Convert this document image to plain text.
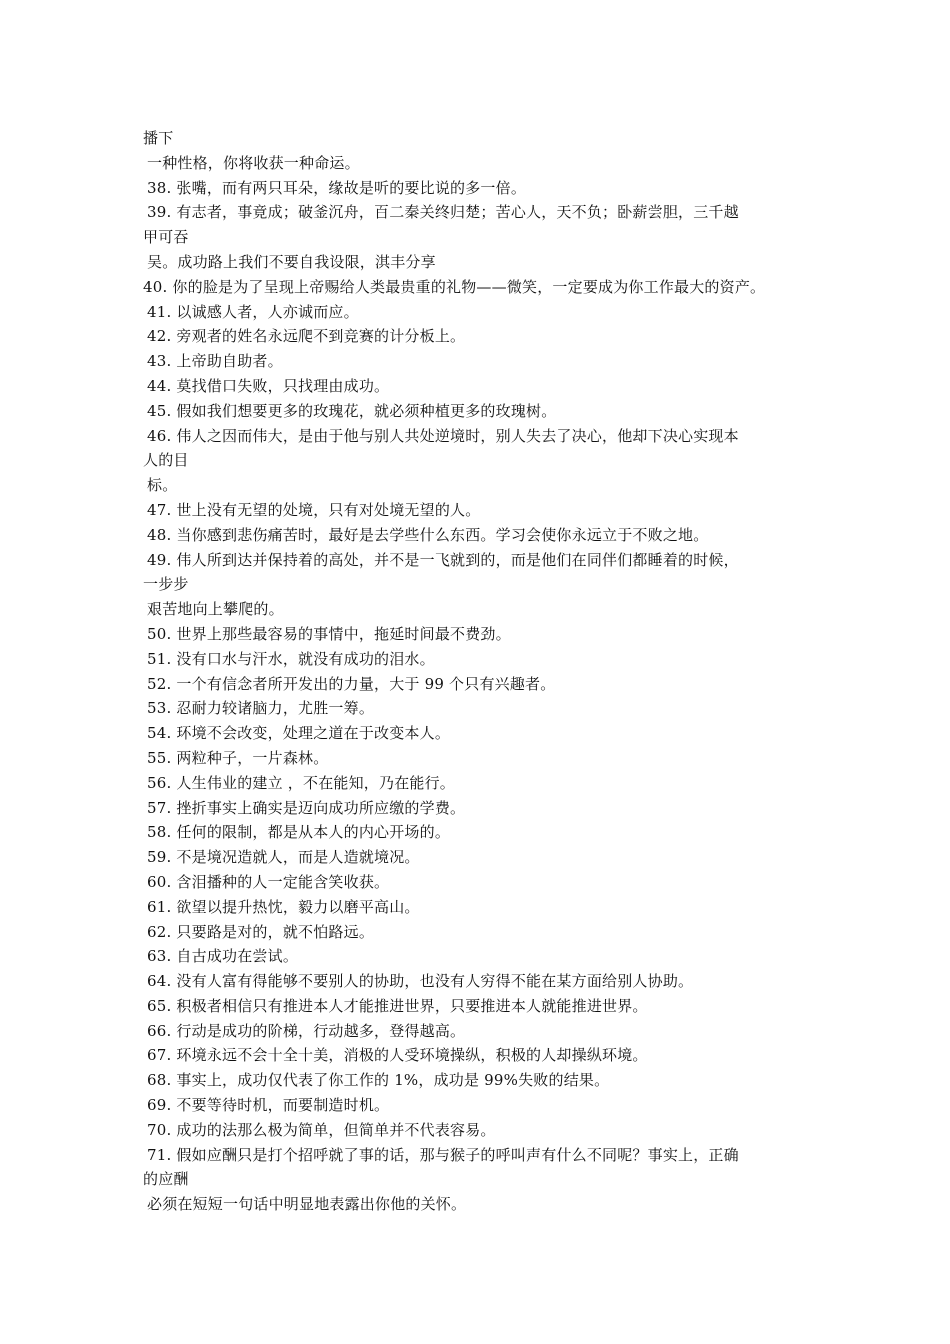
播下
一种性格，你将收获一种命运。
38. 张嘴，而有两只耳朵，缘故是听的要比说的多一倍。
39. 有志者，事竟成；破釜沉舟，百二秦关终归楚；苦心人，天不负；卧薪尝胆，三千越
甲可吞
吴。成功路上我们不要自我设限，淇丰分享
40. 你的脸是为了呈现上帝赐给人类最贵重的礼物——微笑，一定要成为你工作最大的资产。
41. 以诚感人者，人亦诚而应。
42. 旁观者的姓名永远爬不到竞赛的计分板上。
43. 上帝助自助者。
44. 莫找借口失败，只找理由成功。
45. 假如我们想要更多的玫瑰花，就必须种植更多的玫瑰树。
46. 伟人之因而伟大，是由于他与别人共处逆境时，别人失去了决心，他却下决心实现本
人的目
标。
47. 世上没有无望的处境，只有对处境无望的人。
48. 当你感到悲伤痛苦时，最好是去学些什么东西。学习会使你永远立于不败之地。
49. 伟人所到达并保持着的高处，并不是一飞就到的，而是他们在同伴们都睡着的时候，
一步步
艰苦地向上攀爬的。
50. 世界上那些最容易的事情中，拖延时间最不费劲。
51. 没有口水与汗水，就没有成功的泪水。
52. 一个有信念者所开发出的力量，大于 99 个只有兴趣者。
53. 忍耐力较诸脑力，尤胜一筹。
54. 环境不会改变，处理之道在于改变本人。
55. 两粒种子，一片森林。
56. 人生伟业的建立 ，不在能知，乃在能行。
57. 挫折事实上确实是迈向成功所应缴的学费。
58. 任何的限制，都是从本人的内心开场的。
59. 不是境况造就人，而是人造就境况。
60. 含泪播种的人一定能含笑收获。
61. 欲望以提升热忱，毅力以磨平高山。
62. 只要路是对的，就不怕路远。
63. 自古成功在尝试。
64. 没有人富有得能够不要别人的协助，也没有人穷得不能在某方面给别人协助。
65. 积极者相信只有推进本人才能推进世界，只要推进本人就能推进世界。
66. 行动是成功的阶梯，行动越多，登得越高。
67. 环境永远不会十全十美，消极的人受环境操纵，积极的人却操纵环境。
68. 事实上，成功仅代表了你工作的 1%，成功是 99%失败的结果。
69. 不要等待时机，而要制造时机。
70. 成功的法那么极为简单，但简单并不代表容易。
71. 假如应酬只是打个招呼就了事的话，那与猴子的呼叫声有什么不同呢？事实上，正确
的应酬
必须在短短一句话中明显地表露出你他的关怀。
